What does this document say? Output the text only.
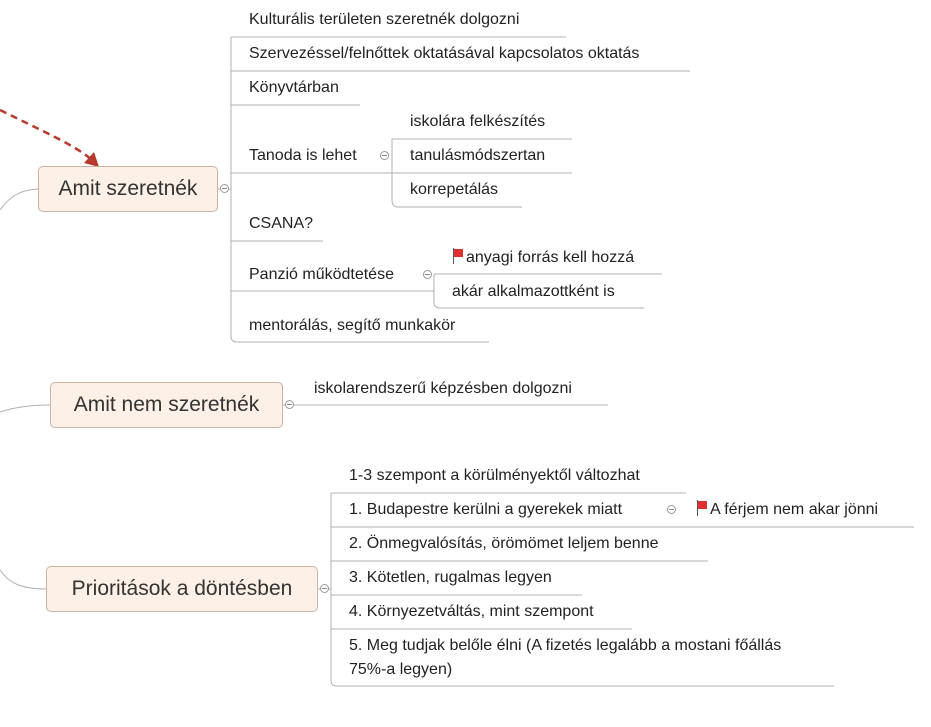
Amit szeretnék
Amit nem szeretnék
Prioritások a döntésben
Kulturális területen szeretnék dolgozni
Szervezéssel/felnőttek oktatásával kapcsolatos oktatás
Könyvtárban
Tanoda is lehet
iskolára felkészítés
tanulásmódszertan
korrepetálás
CSANA?
Panzió működtetése
anyagi forrás kell hozzá
akár alkalmazottként is
mentorálás, segítő munkakör
iskolarendszerű képzésben dolgozni
1-3 szempont a körülményektől változhat
1. Budapestre kerülni a gyerekek miatt	A férjem nem akar jönni
2. Önmegvalósítás, örömömet leljem benne
3. Kötetlen, rugalmas legyen
4. Környezetváltás, mint szempont
5. Meg tudjak belőle élni (A fizetés legalább a mostani főállás
75%-a legyen)
